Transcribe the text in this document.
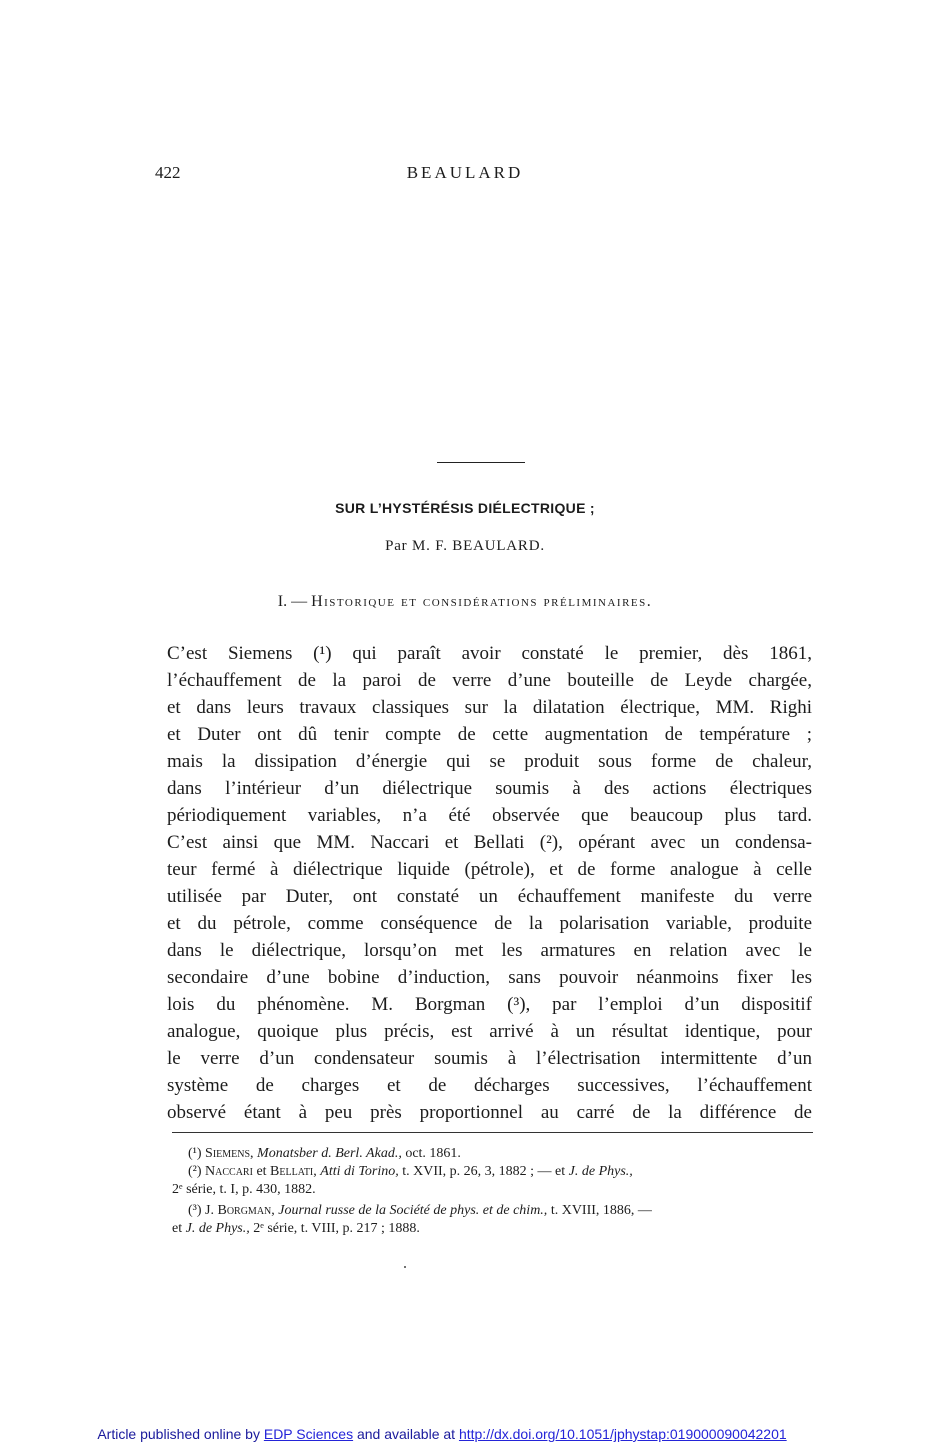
422	BEAULARD
SUR L’HYSTÉRÉSIS DIÉLECTRIQUE ;
Par M. F. BEAULARD.
I. — Historique et considérations préliminaires.
C’est Siemens (¹) qui paraît avoir constaté le premier, dès 1861,
l’échauffement de la paroi de verre d’une bouteille de Leyde chargée,
et dans leurs travaux classiques sur la dilatation électrique, MM. Righi
et Duter ont dû tenir compte de cette augmentation de température ;
mais la dissipation d’énergie qui se produit sous forme de chaleur,
dans l’intérieur d’un diélectrique soumis à des actions électriques
périodiquement variables, n’a été observée que beaucoup plus tard.
C’est ainsi que MM. Naccari et Bellati (²), opérant avec un condensa-
teur fermé à diélectrique liquide (pétrole), et de forme analogue à celle
utilisée par Duter, ont constaté un échauffement manifeste du verre
et du pétrole, comme conséquence de la polarisation variable, produite
dans le diélectrique, lorsqu’on met les armatures en relation avec le
secondaire d’une bobine d’induction, sans pouvoir néanmoins fixer les
lois du phénomène. M. Borgman (³), par l’emploi d’un dispositif
analogue, quoique plus précis, est arrivé à un résultat identique, pour
le verre d’un condensateur soumis à l’électrisation intermittente d’un
système de charges et de décharges successives, l’échauffement
observé étant à peu près proportionnel au carré de la différence de
(¹) Siemens, Monatsber d. Berl. Akad., oct. 1861.
(²) Naccari et Bellati, Atti di Torino, t. XVII, p. 26, 3, 1882 ; — et J. de Phys.,
2ᵉ série, t. I, p. 430, 1882.
(³) J. Borgman, Journal russe de la Société de phys. et de chim., t. XVIII, 1886, —
et J. de Phys., 2ᵉ série, t. VIII, p. 217 ; 1888.
Article published online by EDP Sciences and available at http://dx.doi.org/10.1051/jphystap:019000090042201
